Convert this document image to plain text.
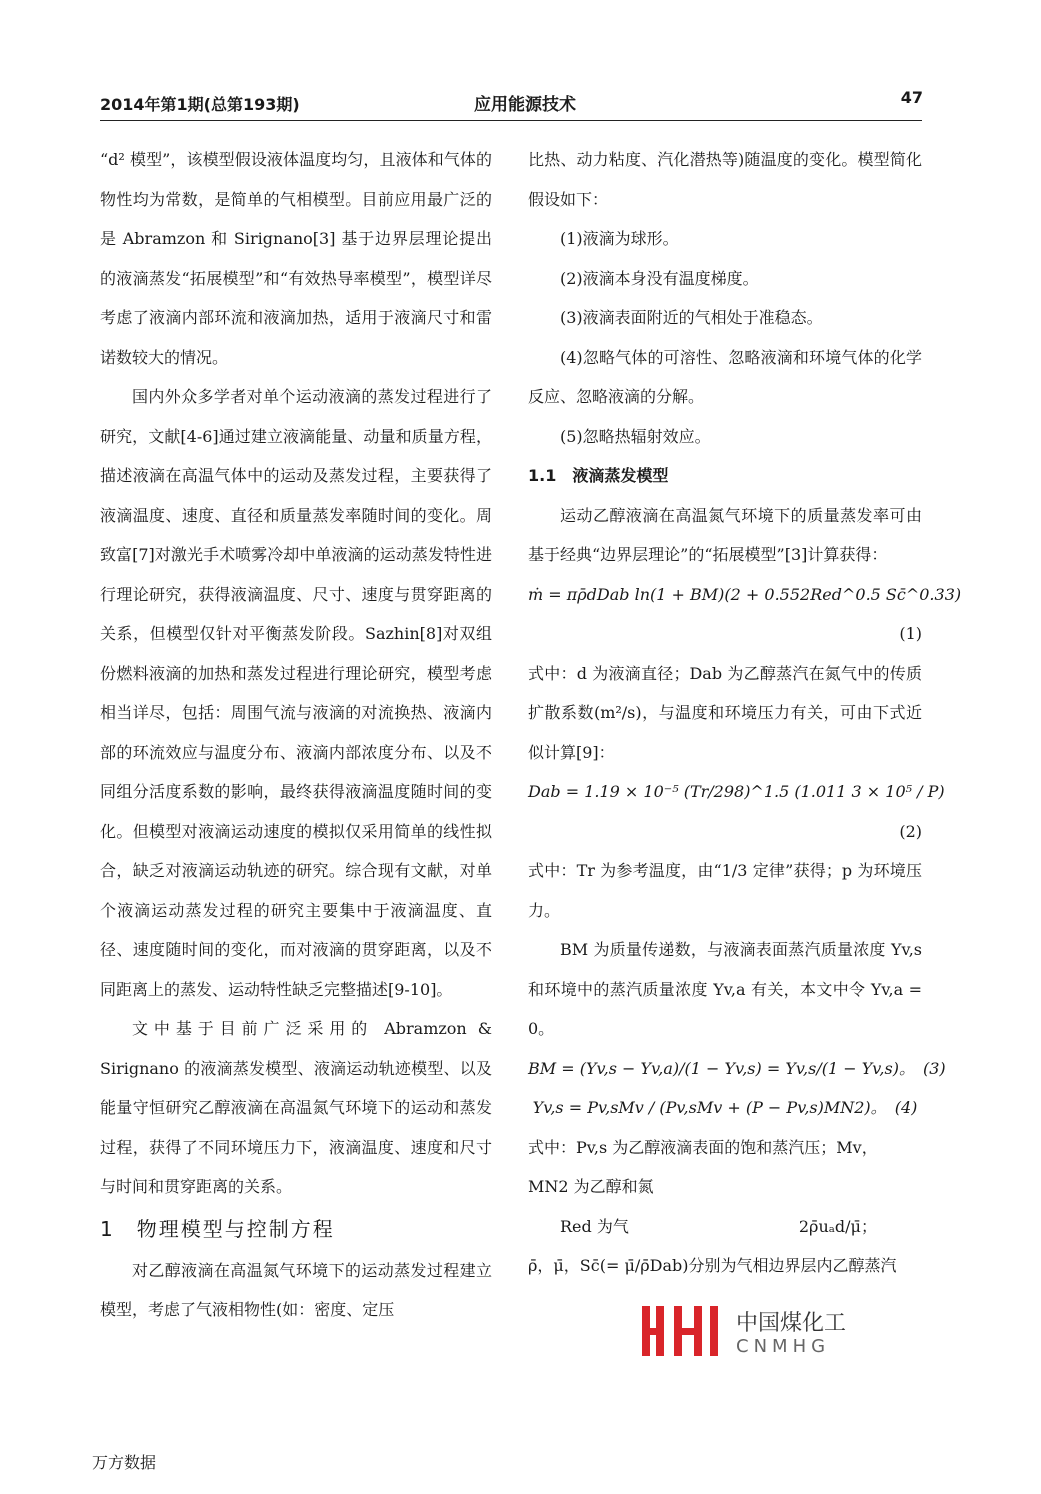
2014年第1期(总第193期)	应用能源技术	47

“d² 模型”，该模型假设液体温度均匀，且液体和气体的物性均为常数，是简单的气相模型。目前应用最广泛的是 Abramzon 和 Sirignano[3] 基于边界层理论提出的液滴蒸发“拓展模型”和“有效热导率模型”，模型详尽考虑了液滴内部环流和液滴加热，适用于液滴尺寸和雷诺数较大的情况。

国内外众多学者对单个运动液滴的蒸发过程进行了研究，文献[4-6]通过建立液滴能量、动量和质量方程，描述液滴在高温气体中的运动及蒸发过程，主要获得了液滴温度、速度、直径和质量蒸发率随时间的变化。周致富[7]对激光手术喷雾冷却中单液滴的运动蒸发特性进行理论研究，获得液滴温度、尺寸、速度与贯穿距离的关系，但模型仅针对平衡蒸发阶段。Sazhin[8]对双组份燃料液滴的加热和蒸发过程进行理论研究，模型考虑相当详尽，包括：周围气流与液滴的对流换热、液滴内部的环流效应与温度分布、液滴内部浓度分布、以及不同组分活度系数的影响，最终获得液滴温度随时间的变化。但模型对液滴运动速度的模拟仅采用简单的线性拟合，缺乏对液滴运动轨迹的研究。综合现有文献，对单个液滴运动蒸发过程的研究主要集中于液滴温度、直径、速度随时间的变化，而对液滴的贯穿距离，以及不同距离上的蒸发、运动特性缺乏完整描述[9-10]。

文中基于目前广泛采用的 Abramzon & Sirignano 的液滴蒸发模型、液滴运动轨迹模型、以及能量守恒研究乙醇液滴在高温氮气环境下的运动和蒸发过程，获得了不同环境压力下，液滴温度、速度和尺寸与时间和贯穿距离的关系。

1　物理模型与控制方程

对乙醇液滴在高温氮气环境下的运动蒸发过程建立模型，考虑了气液相物性(如：密度、定压

比热、动力粘度、汽化潜热等)随温度的变化。模型简化假设如下：

(1)液滴为球形。

(2)液滴本身没有温度梯度。

(3)液滴表面附近的气相处于准稳态。

(4)忽略气体的可溶性、忽略液滴和环境气体的化学反应、忽略液滴的分解。

(5)忽略热辐射效应。

1.1　液滴蒸发模型

运动乙醇液滴在高温氮气环境下的质量蒸发率可由基于经典“边界层理论”的“拓展模型”[3]计算获得：

ṁ = πρ̄dDab ln(1 + BM)(2 + 0.552Red^0.5 Sc̄^0.33)

(1)

式中：d 为液滴直径；Dab 为乙醇蒸汽在氮气中的传质扩散系数(m²/s)，与温度和环境压力有关，可由下式近似计算[9]：

Dab = 1.19 × 10⁻⁵ (Tr/298)^1.5 (1.011 3 × 10⁵ / P)

(2)

式中：Tr 为参考温度，由“1/3 定律”获得；p 为环境压力。

BM 为质量传递数，与液滴表面蒸汽质量浓度 Yv,s 和环境中的蒸汽质量浓度 Yv,a 有关，本文中令 Yv,a = 0。

BM = (Yv,s − Yv,a)/(1 − Yv,s) = Yv,s/(1 − Yv,s)。　 (3)

Yv,s = Pv,sMv / (Pv,sMv + (P − Pv,s)MN2)。　 (4)

式中：Pv,s 为乙醇液滴表面的饱和蒸汽压；Mv，

MN2 为乙醇和氮

Red 为气	2ρ̄uₐd/μ̄；

ρ̄，μ̄，Sc̄(= μ̄/ρ̄Dab)分别为气相边界层内乙醇蒸汽

中国煤化工
CNMHG
万方数据
